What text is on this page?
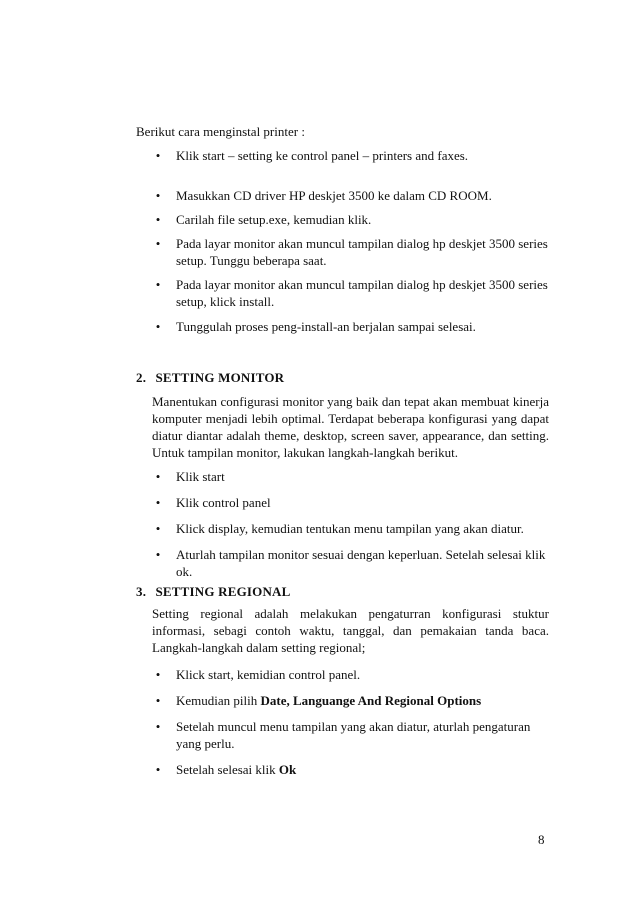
Berikut cara menginstal printer :
• Klik start – setting ke control panel – printers and faxes.
• Masukkan CD driver HP deskjet 3500 ke dalam CD ROOM.
• Carilah file setup.exe, kemudian klik.
• Pada layar monitor akan muncul tampilan dialog hp deskjet 3500 series setup. Tunggu beberapa saat.
• Pada layar monitor akan muncul tampilan dialog hp deskjet 3500 series setup, klick install.
• Tunggulah proses peng-install-an berjalan sampai selesai.
2. SETTING MONITOR
Manentukan configurasi monitor yang baik dan tepat akan membuat kinerja komputer menjadi lebih optimal. Terdapat beberapa konfigurasi yang dapat diatur diantar adalah theme, desktop, screen saver, appearance, dan setting. Untuk tampilan monitor, lakukan langkah-langkah berikut.
• Klik start
• Klik control panel
• Klick display, kemudian tentukan menu tampilan yang akan diatur.
• Aturlah tampilan monitor sesuai dengan keperluan. Setelah selesai klik ok.
3. SETTING REGIONAL
Setting regional adalah melakukan pengaturran konfigurasi stuktur informasi, sebagi contoh waktu, tanggal, dan pemakaian tanda baca. Langkah-langkah dalam setting regional;
• Klick start, kemidian control panel.
• Kemudian pilih Date, Languange And Regional Options
• Setelah muncul menu tampilan yang akan diatur, aturlah pengaturan yang perlu.
• Setelah selesai klik Ok
8
